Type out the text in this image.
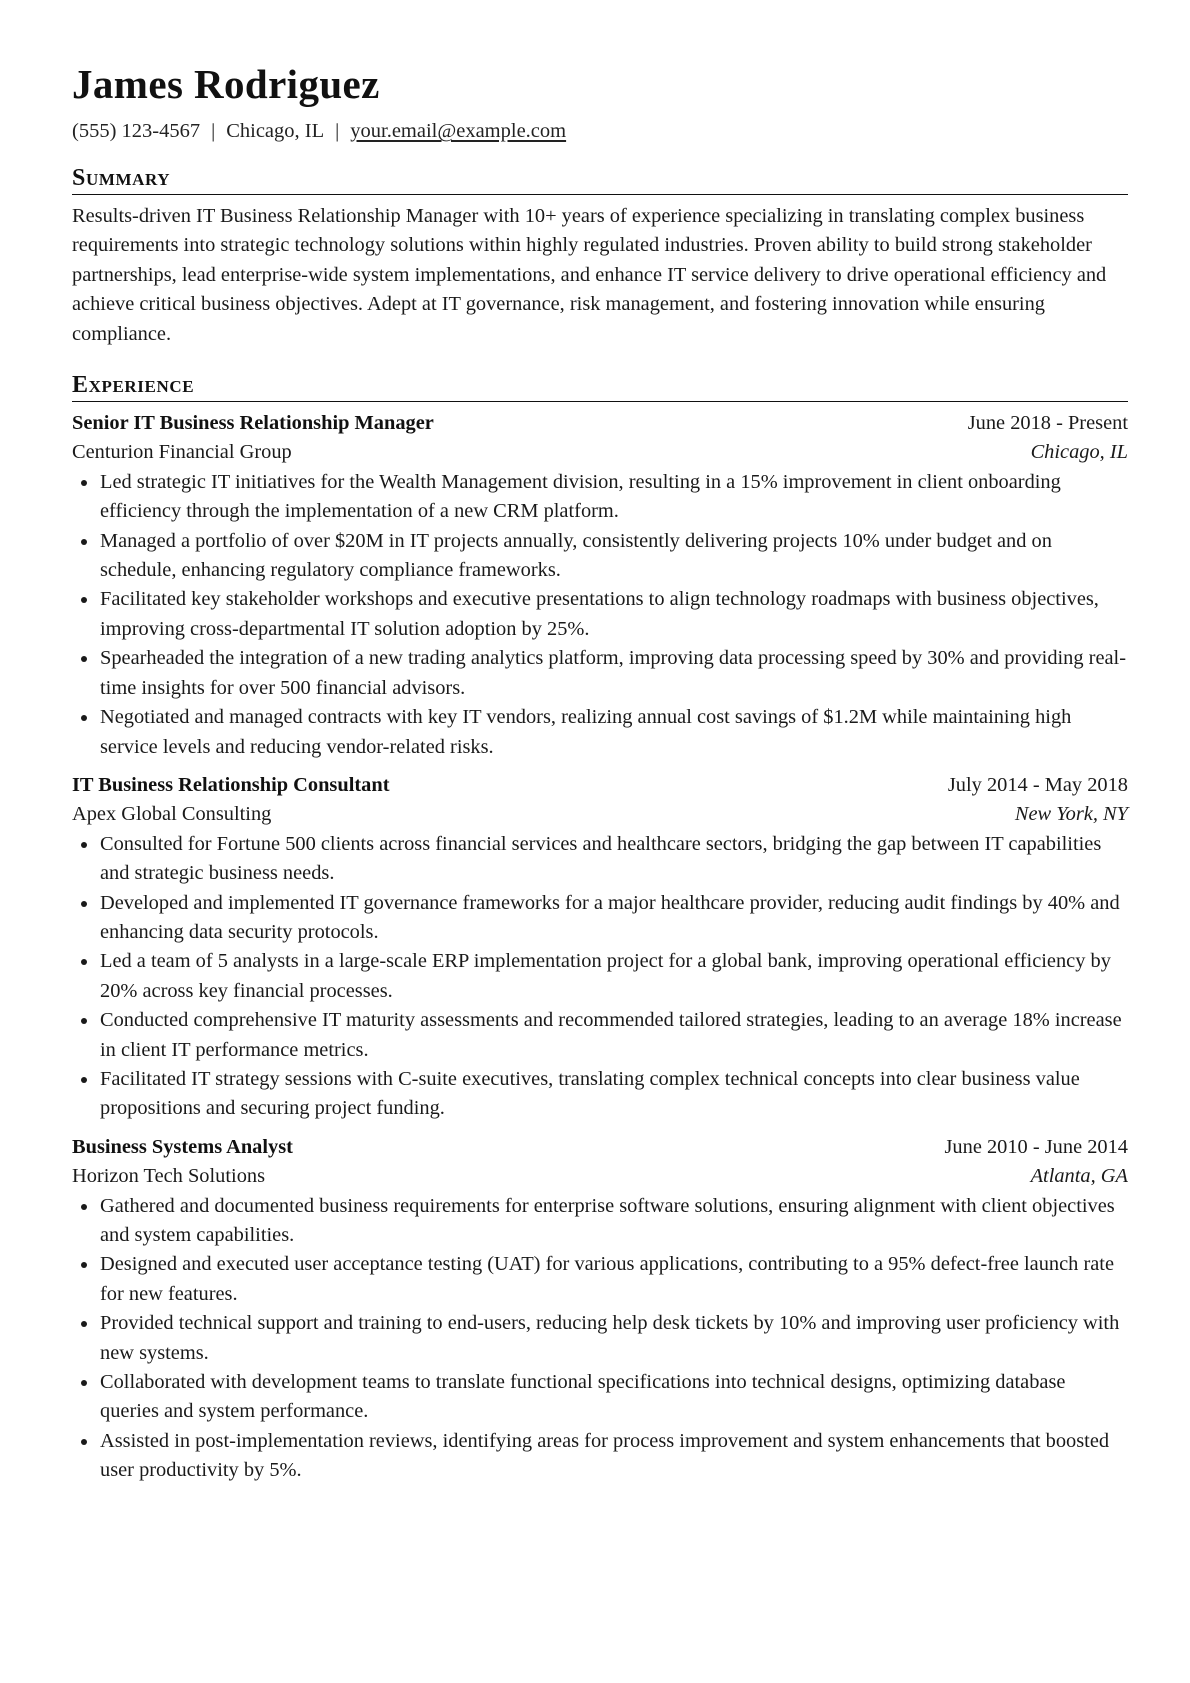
James Rodriguez
(555) 123-4567 | Chicago, IL | your.email@example.com
Summary

Results-driven IT Business Relationship Manager with 10+ years of experience specializing in translating complex business requirements into strategic technology solutions within highly regulated industries. Proven ability to build strong stakeholder partnerships, lead enterprise-wide system implementations, and enhance IT service delivery to drive operational efficiency and achieve critical business objectives. Adept at IT governance, risk management, and fostering innovation while ensuring compliance.

Experience
Senior IT Business Relationship Manager	June 2018 - Present
Centurion Financial Group	Chicago, IL
Led strategic IT initiatives for the Wealth Management division, resulting in a 15% improvement in client onboarding efficiency through the implementation of a new CRM platform.
Managed a portfolio of over $20M in IT projects annually, consistently delivering projects 10% under budget and on schedule, enhancing regulatory compliance frameworks.
Facilitated key stakeholder workshops and executive presentations to align technology roadmaps with business objectives, improving cross-departmental IT solution adoption by 25%.
Spearheaded the integration of a new trading analytics platform, improving data processing speed by 30% and providing real-time insights for over 500 financial advisors.
Negotiated and managed contracts with key IT vendors, realizing annual cost savings of $1.2M while maintaining high service levels and reducing vendor-related risks.
IT Business Relationship Consultant	July 2014 - May 2018
Apex Global Consulting	New York, NY
Consulted for Fortune 500 clients across financial services and healthcare sectors, bridging the gap between IT capabilities and strategic business needs.
Developed and implemented IT governance frameworks for a major healthcare provider, reducing audit findings by 40% and enhancing data security protocols.
Led a team of 5 analysts in a large-scale ERP implementation project for a global bank, improving operational efficiency by 20% across key financial processes.
Conducted comprehensive IT maturity assessments and recommended tailored strategies, leading to an average 18% increase in client IT performance metrics.
Facilitated IT strategy sessions with C-suite executives, translating complex technical concepts into clear business value propositions and securing project funding.
Business Systems Analyst	June 2010 - June 2014
Horizon Tech Solutions	Atlanta, GA
Gathered and documented business requirements for enterprise software solutions, ensuring alignment with client objectives and system capabilities.
Designed and executed user acceptance testing (UAT) for various applications, contributing to a 95% defect-free launch rate for new features.
Provided technical support and training to end-users, reducing help desk tickets by 10% and improving user proficiency with new systems.
Collaborated with development teams to translate functional specifications into technical designs, optimizing database queries and system performance.
Assisted in post-implementation reviews, identifying areas for process improvement and system enhancements that boosted user productivity by 5%.
